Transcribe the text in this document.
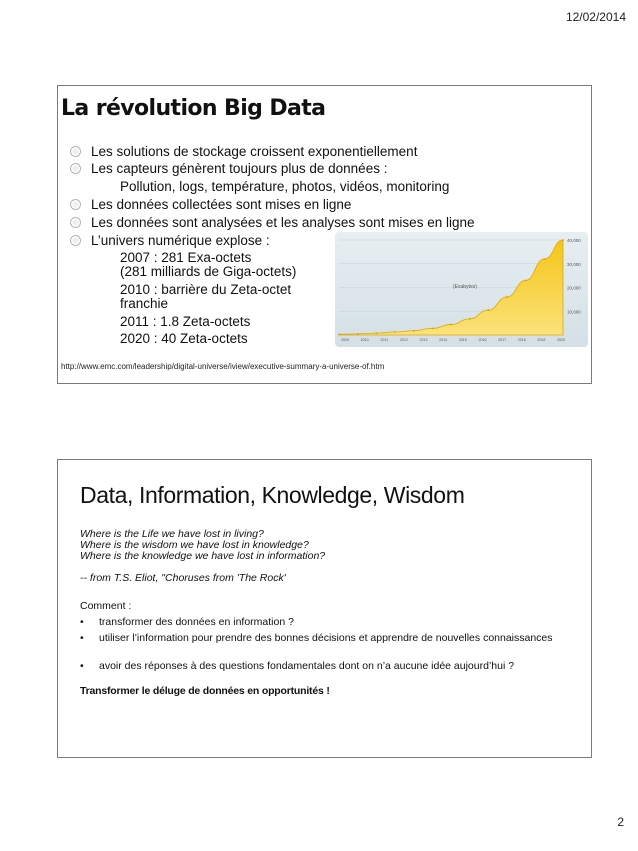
12/02/2014
La révolution Big Data
Les solutions de stockage croissent exponentiellement
Les capteurs génèrent toujours plus de données :
Pollution, logs, température, photos, vidéos, monitoring
Les données collectées sont mises en ligne
Les données sont analysées et les analyses sont mises en ligne
L’univers numérique explose :
2007 : 281 Exa-octets
(281 milliards de Giga-octets)
2010 : barrière du Zeta-octet
franchie
2011 : 1.8 Zeta-octets
2020 : 40 Zeta-octets
40,000
30,000
20,000
10,000
(Exabytes)
2009	2010	2011	2012	2013	2014	2015	2016	2017	2018	2019	2020
http://www.emc.com/leadership/digital-universe/iview/executive-summary-a-universe-of.htm
Data, Information, Knowledge, Wisdom
Where is the Life we have lost in living?
Where is the wisdom we have lost in knowledge?
Where is the knowledge we have lost in information?
-- from T.S. Eliot, "Choruses from 'The Rock'
Comment :
• transformer des données en information ?
• utiliser l’information pour prendre des bonnes décisions et apprendre de nouvelles connaissances
• avoir des réponses à des questions fondamentales dont on n’a aucune idée aujourd’hui ?
Transformer le déluge de données en opportunités !
2
